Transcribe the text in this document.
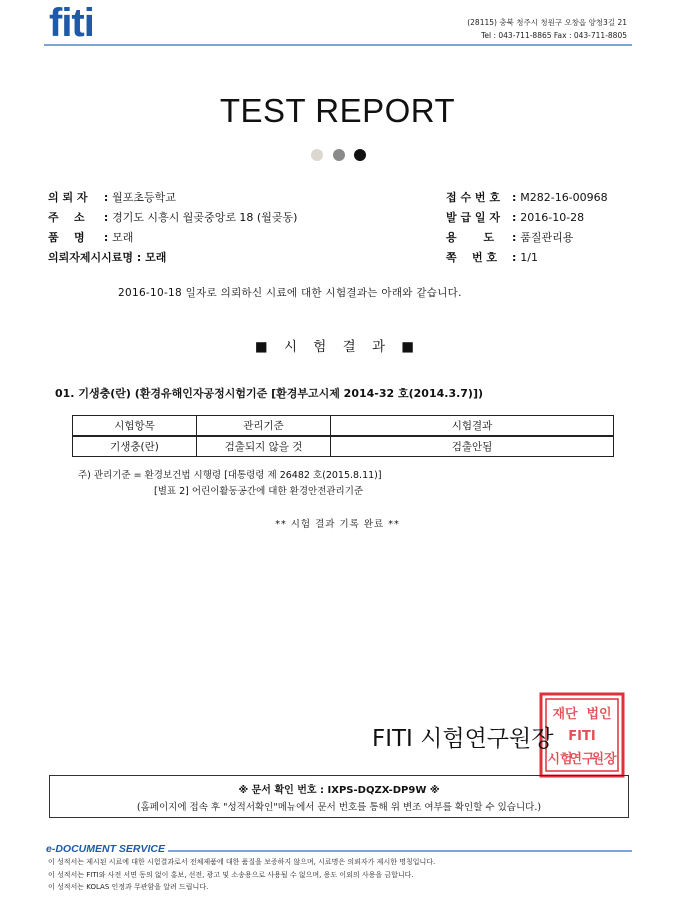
fiti	(28115) 충북 청주시 청원구 오창읍 양청3길 21
Tel : 043-711-8865 Fax : 043-711-8805
TEST REPORT
의 뢰 자 : 월포초등학교
주    소 : 경기도 시흥시 월곶중앙로 18 (월곶동)
품    명 : 모래
의뢰자제시시료명 : 모래
접 수 번 호 : M282-16-00968
발 급 일 자 : 2016-10-28
용       도 : 품질관리용
쪽    번 호 : 1/1
2016-10-18 일자로 의뢰하신 시료에 대한 시험결과는 아래와 같습니다.
■ 시 험 결 과 ■
01. 기생충(란) (환경유해인자공정시험기준 [환경부고시제 2014-32 호(2014.3.7)])
시험항목	관리기준	시험결과
기생충(란)	검출되지 않을 것	검출안됨
주) 관리기준 = 환경보건법 시행령 [대통령령 제 26482 호(2015.8.11)]
[별표 2] 어린이활동공간에 대한 환경안전관리기준
** 시험 결과 기록 완료 **
재단 법인
FITI
시험
연구
원장
FITI 시험연구원장
※ 문서 확인 번호 : IXPS-DQZX-DP9W ※
(홈페이지에 접속 후 "성적서확인"메뉴에서 문서 번호를 통해 위 변조 여부를 확인할 수 있습니다.)
e-DOCUMENT SERVICE
이 성적서는 제시된 시료에 대한 시험결과로서 전체제품에 대한 품질을 보증하지 않으며, 시료명은 의뢰자가 제시한 명칭입니다.
이 성적서는 FITI와 사전 서면 동의 없이 홍보, 선전, 광고 및 소송용으로 사용될 수 없으며, 용도 이외의 사용을 금합니다.
이 성적서는 KOLAS 인정과 무관함을 알려 드립니다.
